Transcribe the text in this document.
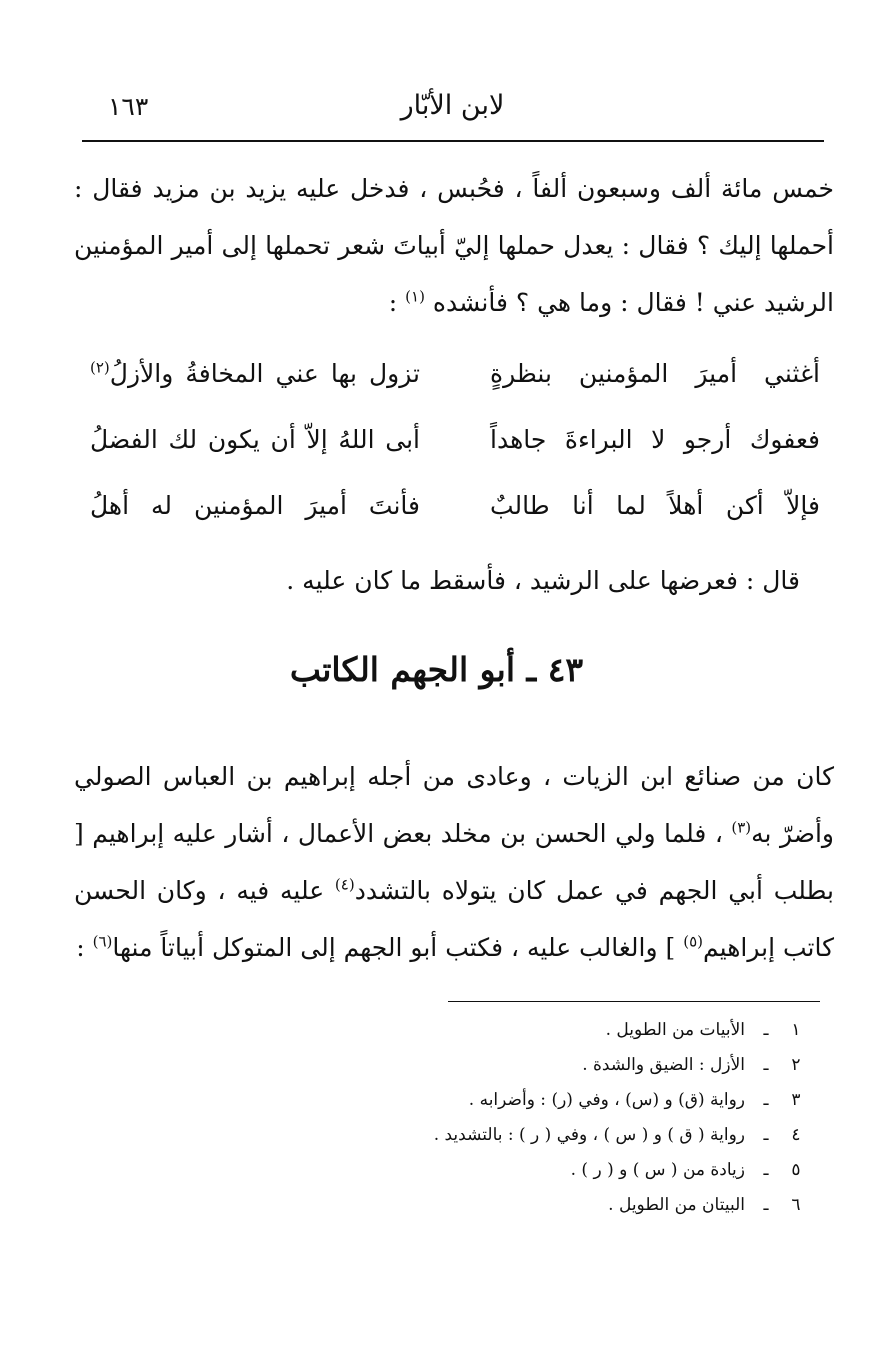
لابن الأبّار
١٦٣
خمس مائة ألف وسبعون ألفاً ، فحُبس ، فدخل عليه يزيد بن مزيد فقال : أحملها إليك ؟ فقال : يعدل حملها إليّ أبياتَ شعر تحملها إلى أمير المؤمنين الرشيد عني ! فقال : وما هي ؟ فأنشده $^{(١)}$ :
أغثني أميرَ المؤمنين بنظرةٍ
تزول بها عني المخافةُ والأزلُ$^{(٢)}$
فعفوك أرجو لا البراءةَ جاهداً
أبى اللهُ إلاّ أن يكون لك الفضلُ
فإلاّ أكن أهلاً لما أنا طالبٌ
فأنتَ أميرَ المؤمنين له أهلُ
قال : فعرضها على الرشيد ، فأسقط ما كان عليه .
٤٣ ـ أبو الجهم الكاتب
كان من صنائع ابن الزيات ، وعادى من أجله إبراهيم بن العباس الصولي وأضرّ به$^{(٣)}$ ، فلما ولي الحسن بن مخلد بعض الأعمال ، أشار عليه إبراهيم [ بطلب أبي الجهم في عمل كان يتولاه بالتشدد$^{(٤)}$ عليه فيه ، وكان الحسن كاتب إبراهيم$^{(٥)}$ ] والغالب عليه ، فكتب أبو الجهم إلى المتوكل أبياتاً منها$^{(٦)}$ :
١
ـ
الأبيات من الطويل .
٢
ـ
الأزل : الضيق والشدة .
٣
ـ
رواية (ق) و (س) ، وفي (ر) : وأضرابه .
٤
ـ
رواية ( ق ) و ( س ) ، وفي ( ر ) : بالتشديد .
٥
ـ
زيادة من ( س ) و ( ر ) .
٦
ـ
البيتان من الطويل .
